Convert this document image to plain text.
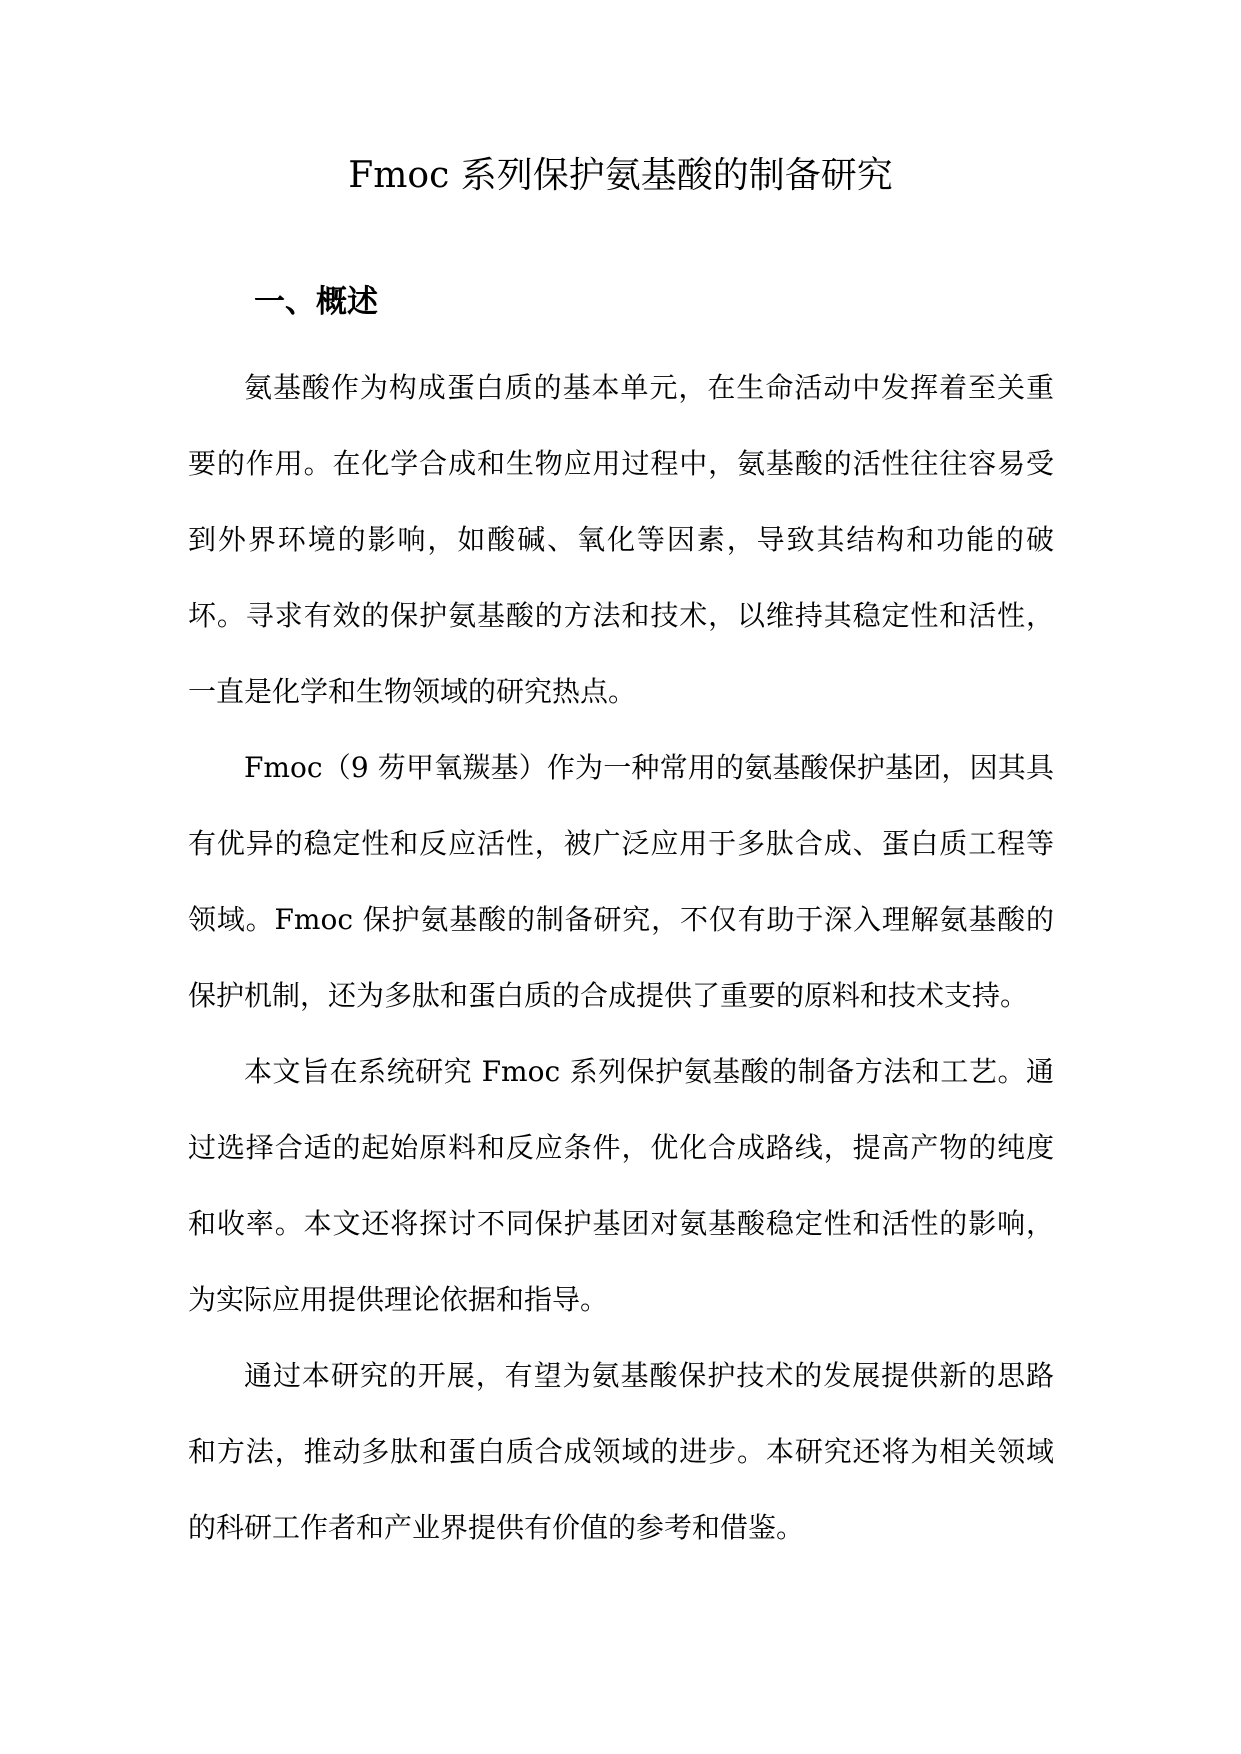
Fmoc 系列保护氨基酸的制备研究
一、概述

氨基酸作为构成蛋白质的基本单元，在生命活动中发挥着至关重要的作用。在化学合成和生物应用过程中，氨基酸的活性往往容易受到外界环境的影响，如酸碱、氧化等因素，导致其结构和功能的破坏。寻求有效的保护氨基酸的方法和技术，以维持其稳定性和活性，一直是化学和生物领域的研究热点。

Fmoc（9 芴甲氧羰基）作为一种常用的氨基酸保护基团，因其具有优异的稳定性和反应活性，被广泛应用于多肽合成、蛋白质工程等领域。Fmoc 保护氨基酸的制备研究，不仅有助于深入理解氨基酸的保护机制，还为多肽和蛋白质的合成提供了重要的原料和技术支持。

本文旨在系统研究 Fmoc 系列保护氨基酸的制备方法和工艺。通过选择合适的起始原料和反应条件，优化合成路线，提高产物的纯度和收率。本文还将探讨不同保护基团对氨基酸稳定性和活性的影响，为实际应用提供理论依据和指导。

通过本研究的开展，有望为氨基酸保护技术的发展提供新的思路和方法，推动多肽和蛋白质合成领域的进步。本研究还将为相关领域的科研工作者和产业界提供有价值的参考和借鉴。
